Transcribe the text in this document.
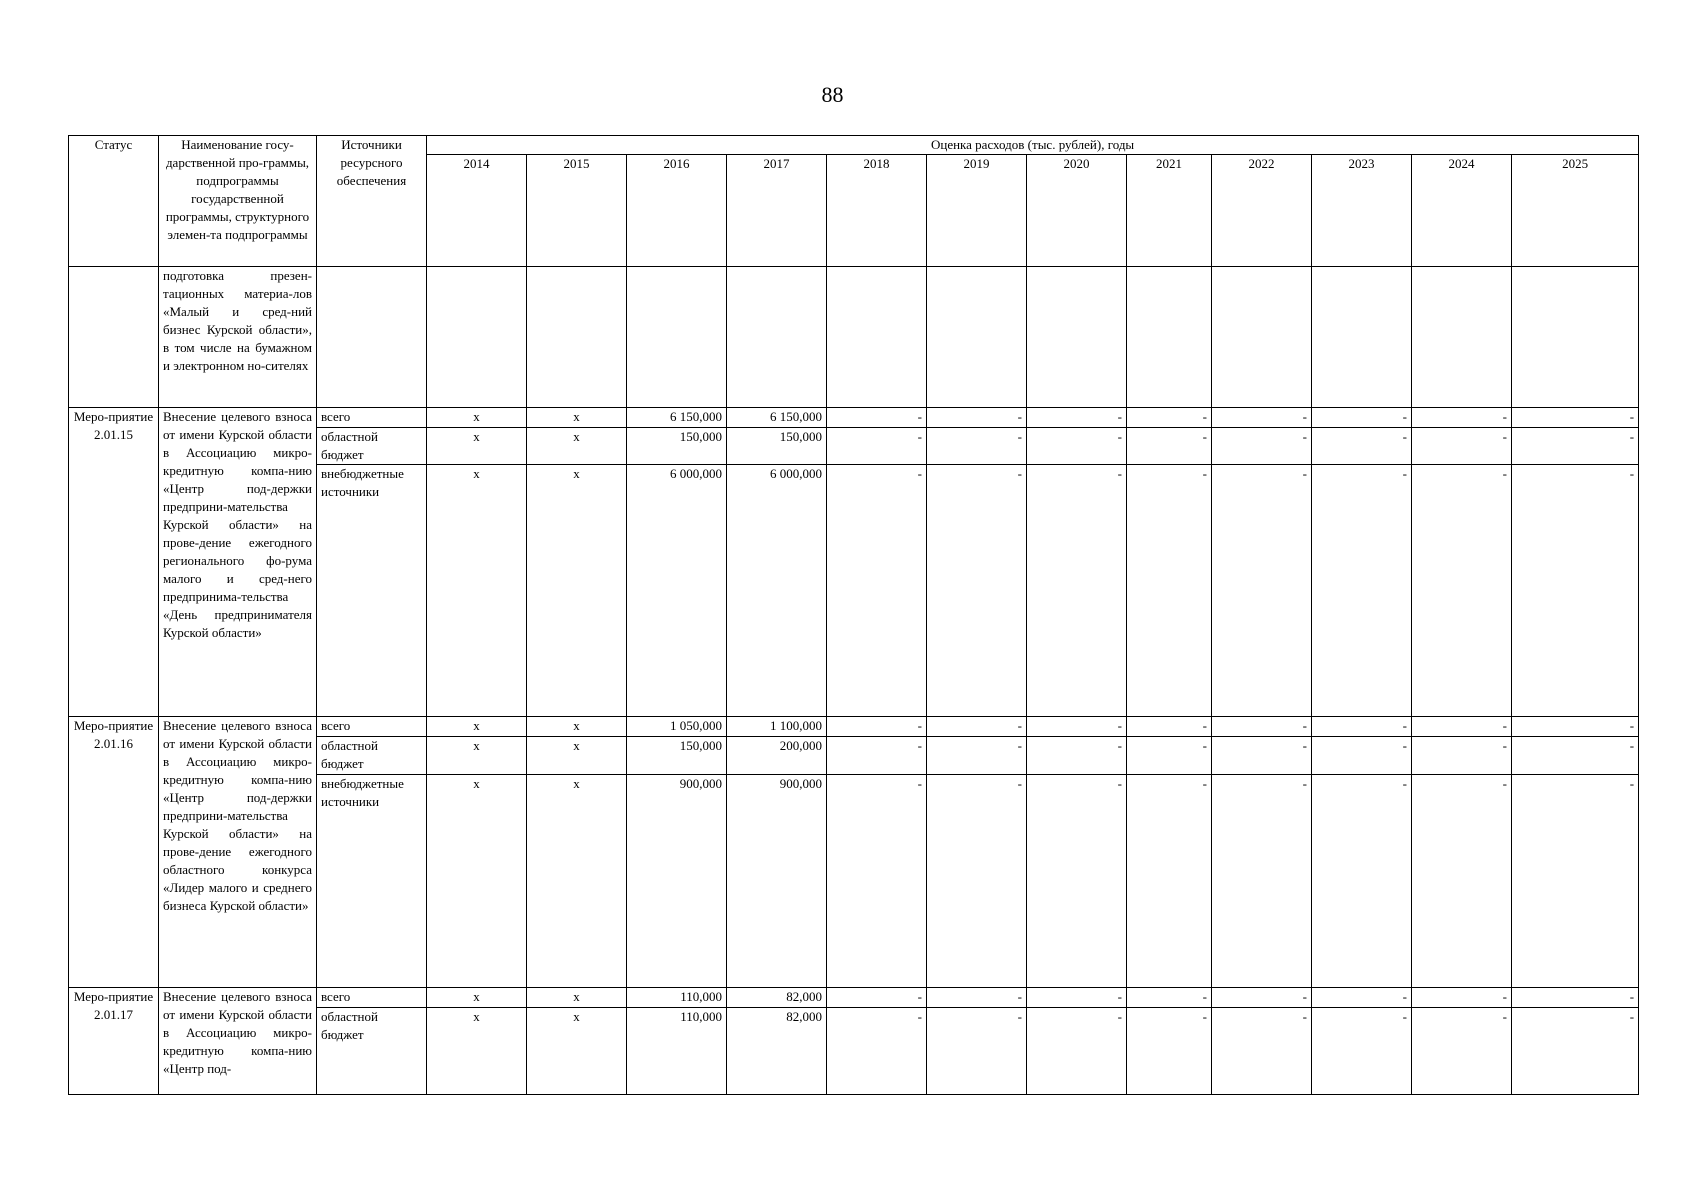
88
Статус	Наименование госу-дарственной про-граммы, подпрограммы государственной программы, структурного элемен-та подпрограммы	Источники ресурсного обеспечения	Оценка расходов (тыс. рублей), годы											
			2014	2015	2016	2017	2018	2019	2020	2021	2022	2023	2024	2025
	подготовка презен-тационных материа-лов «Малый и сред-ний бизнес Курской области», в том числе на бумажном и электронном но-сителях													
Меро-приятие 2.01.15	Внесение целевого взноса от имени Курской области в Ассоциацию микро-кредитную компа-нию «Центр под-держки предприни-мательства Курской области» на прове-дение ежегодного регионального фо-рума малого и сред-него предпринима-тельства «День предпринимателя Курской области»	всего	x	x	6 150,000	6 150,000	-	-	-	-	-	-	-	-
		областной бюджет	x	x	150,000	150,000	-	-	-	-	-	-	-	-
		внебюджетные источники	x	x	6 000,000	6 000,000	-	-	-	-	-	-	-	-
Меро-приятие 2.01.16	Внесение целевого взноса от имени Курской области в Ассоциацию микро-кредитную компа-нию «Центр под-держки предприни-мательства Курской области» на прове-дение ежегодного областного конкурса «Лидер малого и среднего бизнеса Курской области»	всего	x	x	1 050,000	1 100,000	-	-	-	-	-	-	-	-
		областной бюджет	x	x	150,000	200,000	-	-	-	-	-	-	-	-
		внебюджетные источники	x	x	900,000	900,000	-	-	-	-	-	-	-	-
Меро-приятие 2.01.17	Внесение целевого взноса от имени Курской области в Ассоциацию микро-кредитную компа-нию «Центр под-	всего	x	x	110,000	82,000	-	-	-	-	-	-	-	-
		областной бюджет	x	x	110,000	82,000	-	-	-	-	-	-	-	-
